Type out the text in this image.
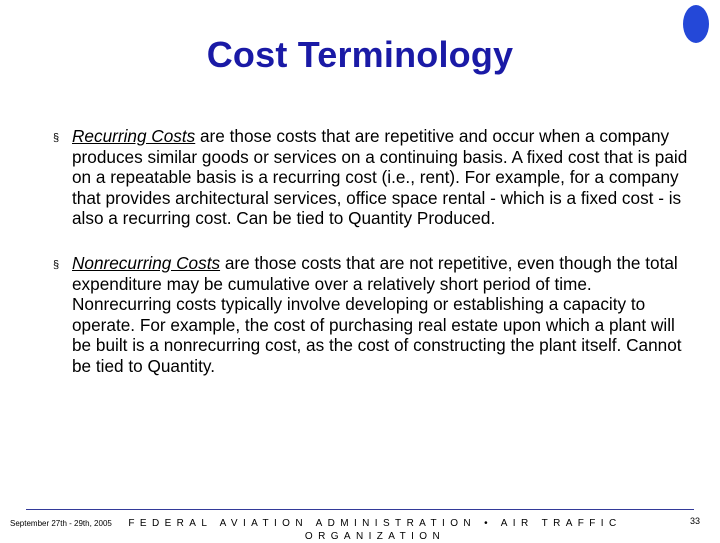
Cost Terminology
§ Recurring Costs are those costs that are repetitive and occur when a company produces similar goods or services on a continuing basis. A fixed cost that is paid on a repeatable basis is a recurring cost (i.e., rent). For example, for a company that provides architectural services, office space rental - which is a fixed cost - is also a recurring cost. Can be tied to Quantity Produced.
§ Nonrecurring Costs are those costs that are not repetitive, even though the total expenditure may be cumulative over a relatively short period of time. Nonrecurring costs typically involve developing or establishing a capacity to operate. For example, the cost of purchasing real estate upon which a plant will be built is a nonrecurring cost, as the cost of constructing the plant itself. Cannot be tied to Quantity.
September 27th - 29th, 2005	FEDERAL AVIATION ADMINISTRATION • AIR TRAFFIC ORGANIZATION
33
